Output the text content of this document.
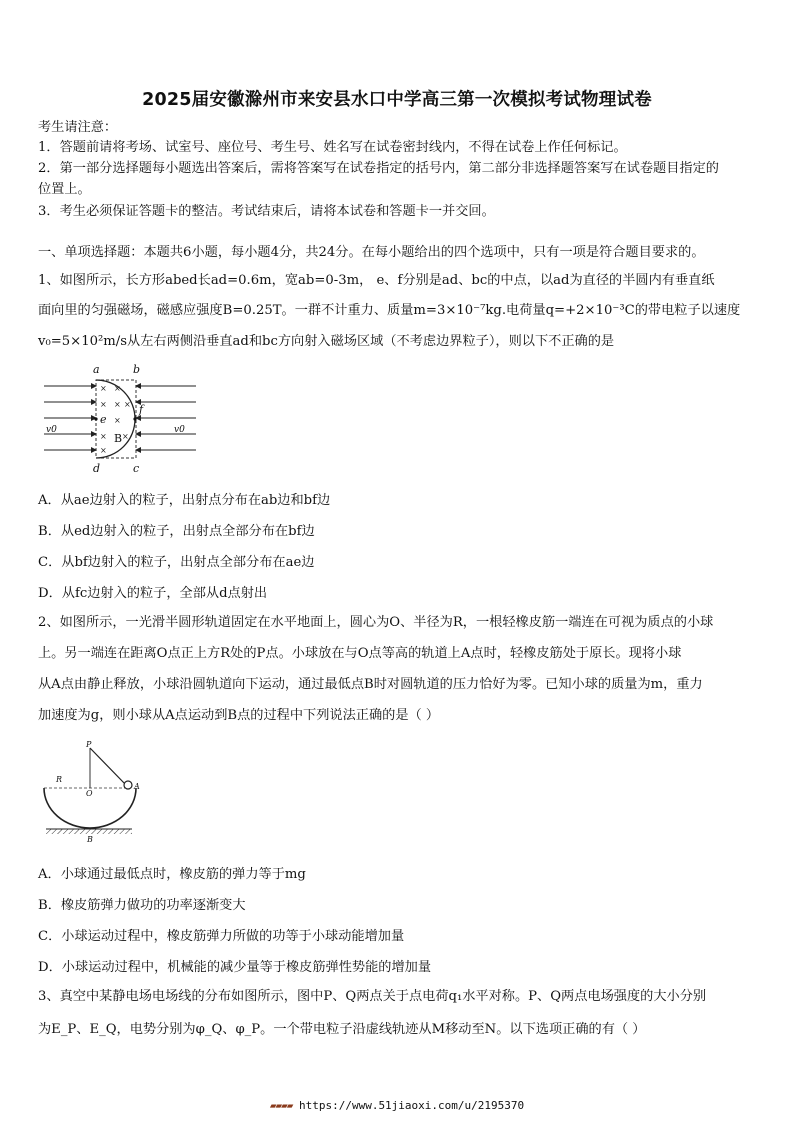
2025届安徽滁州市来安县水口中学高三第一次模拟考试物理试卷
考生请注意：
1．答题前请将考场、试室号、座位号、考生号、姓名写在试卷密封线内，不得在试卷上作任何标记。
2．第一部分选择题每小题选出答案后，需将答案写在试卷指定的括号内，第二部分非选择题答案写在试卷题目指定的
位置上。
3．考生必须保证答题卡的整洁。考试结束后，请将本试卷和答题卡一并交回。
一、单项选择题：本题共6小题，每小题4分，共24分。在每小题给出的四个选项中，只有一项是符合题目要求的。
1、如图所示，长方形abed长ad=0.6m，宽ab=0-3m， e、f分别是ad、bc的中点，以ad为直径的半圆内有垂直纸
面向里的匀强磁场，磁感应强度B=0.25T。一群不计重力、质量m=3×10⁻⁷kg.电荷量q=+2×10⁻³C的带电粒子以速度
v₀=5×10²m/s从左右两侧沿垂直ad和bc方向射入磁场区域（不考虑边界粒子），则以下不正确的是
× ×
× × ×
×
× ×
×
a	b
d	c
e
f
B
v0	v0
A．从ae边射入的粒子，出射点分布在ab边和bf边
B．从ed边射入的粒子，出射点全部分布在bf边
C．从bf边射入的粒子，出射点全部分布在ae边
D．从fc边射入的粒子，全部从d点射出
2、如图所示，一光滑半圆形轨道固定在水平地面上，圆心为O、半径为R，一根轻橡皮筋一端连在可视为质点的小球
上。另一端连在距离O点正上方R处的P点。小球放在与O点等高的轨道上A点时，轻橡皮筋处于原长。现将小球
从A点由静止释放，小球沿圆轨道向下运动，通过最低点B时对圆轨道的压力恰好为零。已知小球的质量为m，重力
加速度为g，则小球从A点运动到B点的过程中下列说法正确的是（ ）
P
R
O
A
B
A．小球通过最低点时，橡皮筋的弹力等于mg
B．橡皮筋弹力做功的功率逐渐变大
C．小球运动过程中，橡皮筋弹力所做的功等于小球动能增加量
D．小球运动过程中，机械能的减少量等于橡皮筋弹性势能的增加量
3、真空中某静电场电场线的分布如图所示，图中P、Q两点关于点电荷q₁水平对称。P、Q两点电场强度的大小分别
为E_P、E_Q，电势分别为φ_Q、φ_P。一个带电粒子沿虚线轨迹从M移动至N。以下选项正确的有（ ）
▰▰▰▰ https://www.51jiaoxi.com/u/2195370
